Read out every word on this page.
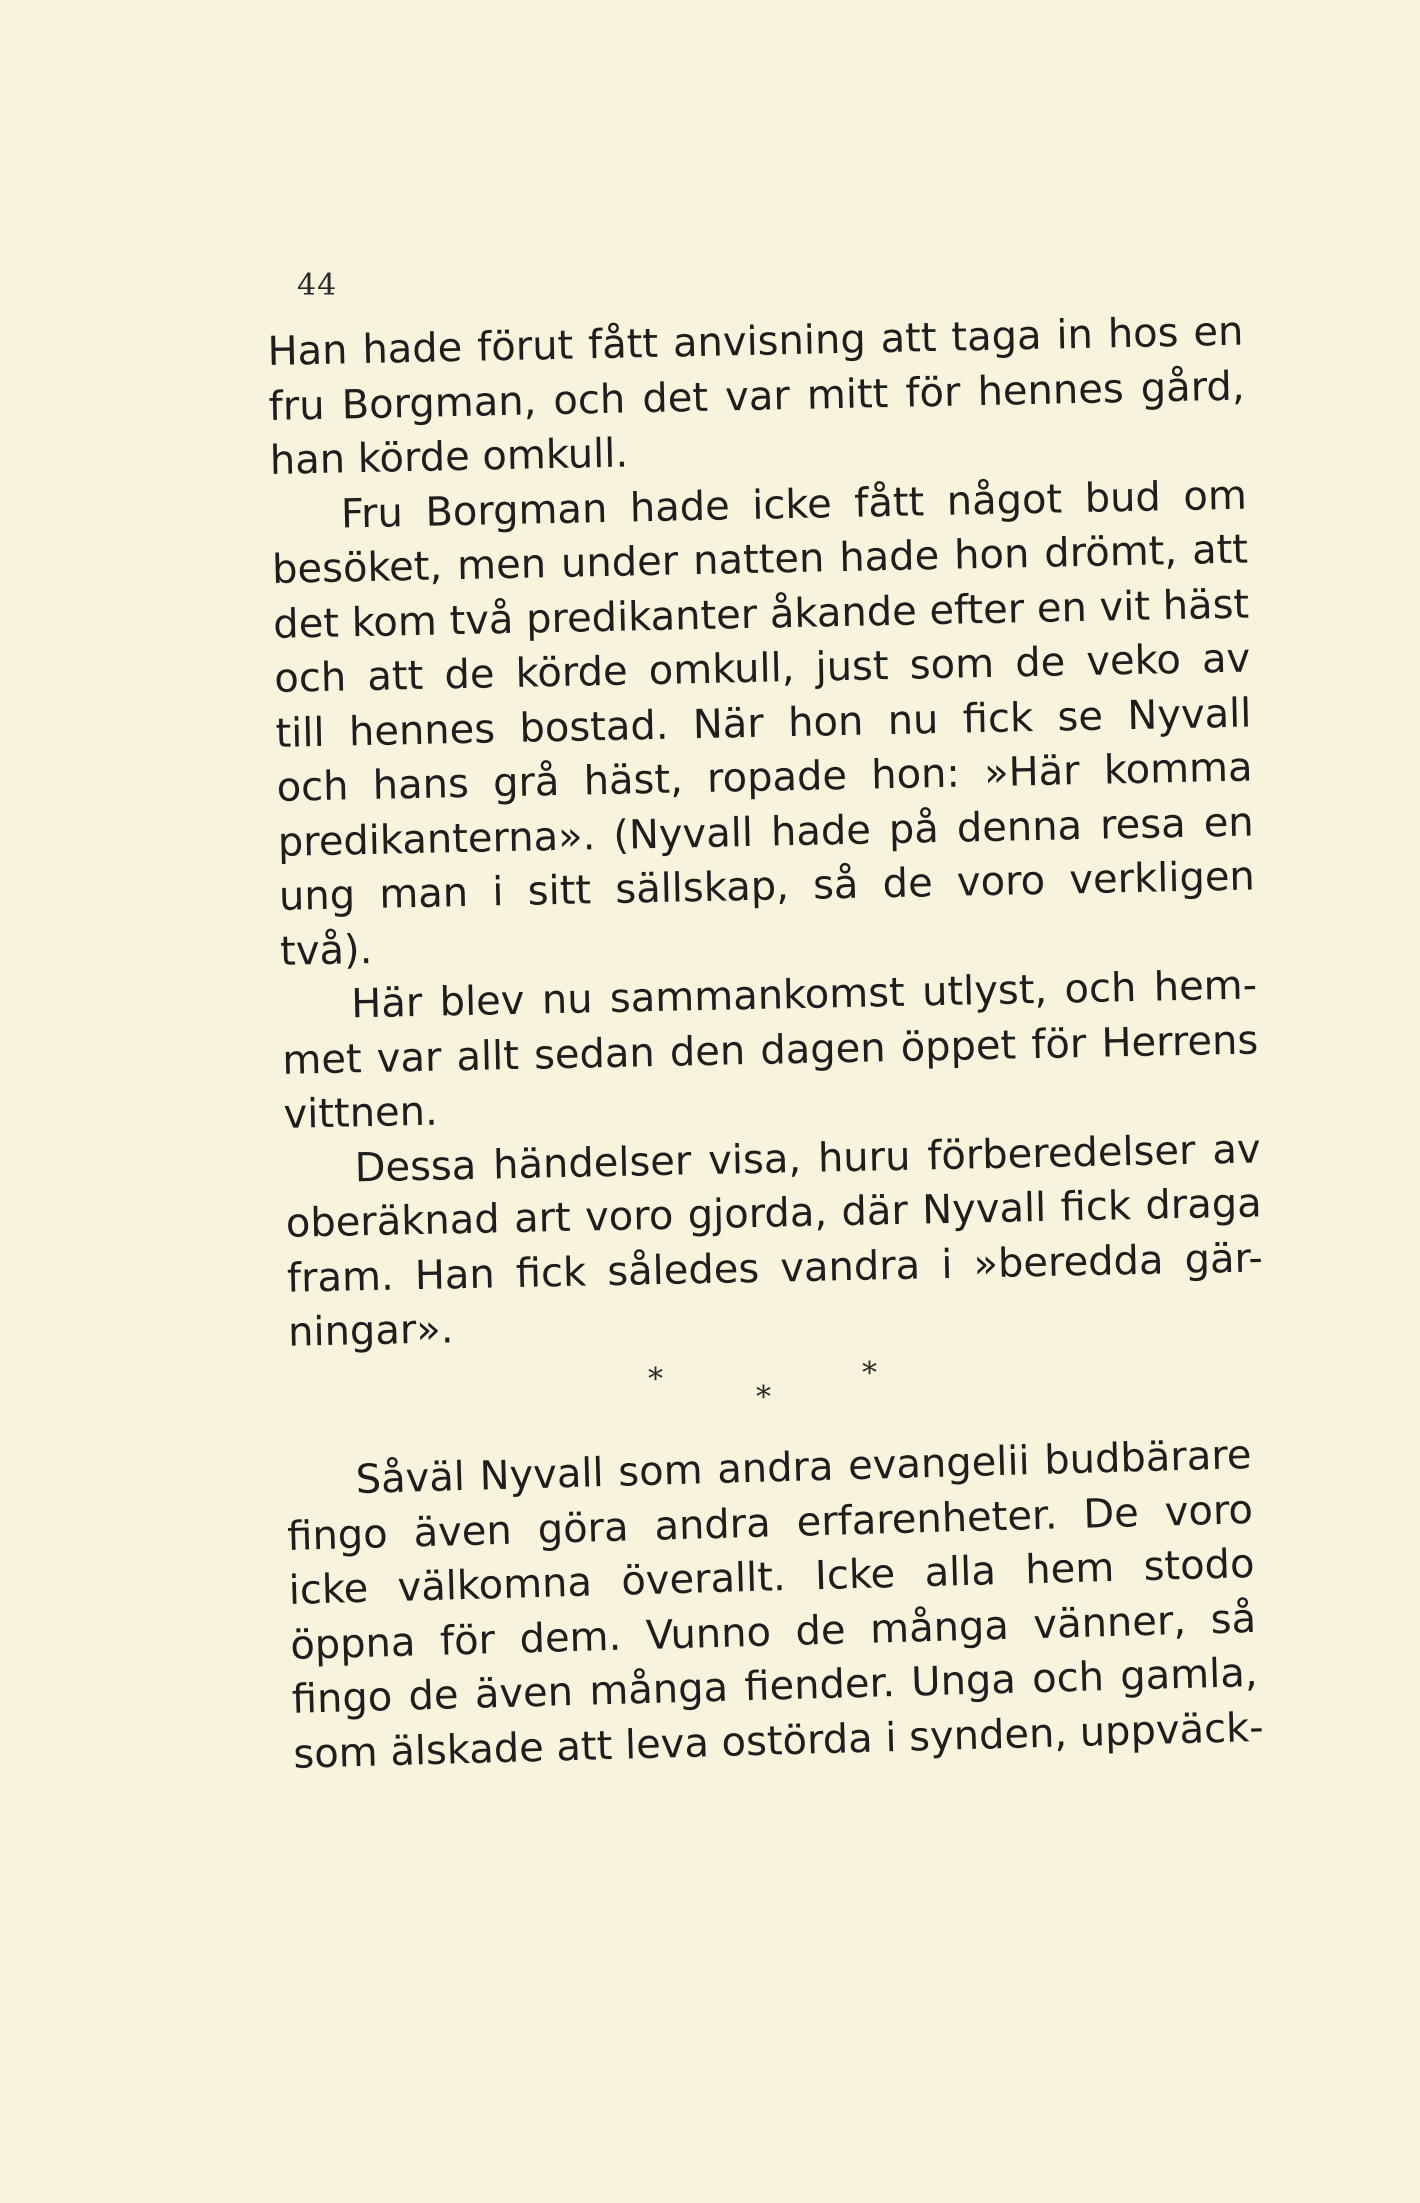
44
Han hade förut fått anvisning att taga in hos en
fru Borgman, och det var mitt för hennes gård,
han körde omkull.
Fru Borgman hade icke fått något bud om
besöket, men under natten hade hon drömt, att
det kom två predikanter åkande efter en vit häst
och att de körde omkull, just som de veko av
till hennes bostad. När hon nu fick se Nyvall
och hans grå häst, ropade hon: »Här komma
predikanterna». (Nyvall hade på denna resa en
ung man i sitt sällskap, så de voro verkligen
två).
Här blev nu sammankomst utlyst, och hem-
met var allt sedan den dagen öppet för Herrens
vittnen.
Dessa händelser visa, huru förberedelser av
oberäknad art voro gjorda, där Nyvall fick draga
fram. Han fick således vandra i »beredda gär-
ningar».
*
*
*
Såväl Nyvall som andra evangelii budbärare
fingo även göra andra erfarenheter. De voro
icke välkomna överallt. Icke alla hem stodo
öppna för dem. Vunno de många vänner, så
fingo de även många fiender. Unga och gamla,
som älskade att leva ostörda i synden, uppväck-
